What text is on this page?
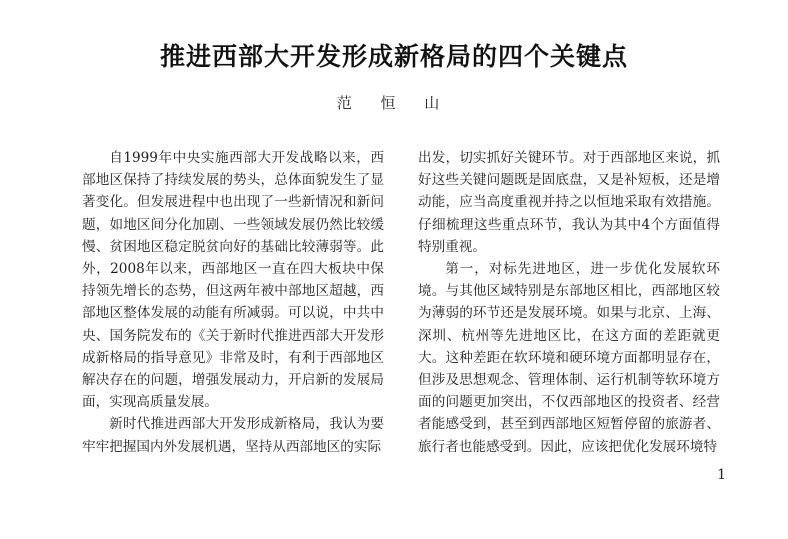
推进西部大开发形成新格局的四个关键点
范 恒 山

自1999年中央实施西部大开发战略以来，西部地区保持了持续发展的势头，总体面貌发生了显著变化。但发展进程中也出现了一些新情况和新问题，如地区间分化加剧、一些领域发展仍然比较缓慢、贫困地区稳定脱贫向好的基础比较薄弱等。此外，2008年以来，西部地区一直在四大板块中保持领先增长的态势，但这两年被中部地区超越，西部地区整体发展的动能有所减弱。可以说，中共中央、国务院发布的《关于新时代推进西部大开发形成新格局的指导意见》非常及时，有利于西部地区解决存在的问题，增强发展动力，开启新的发展局面，实现高质量发展。

新时代推进西部大开发形成新格局，我认为要牢牢把握国内外发展机遇，坚持从西部地区的实际

出发，切实抓好关键环节。对于西部地区来说，抓好这些关键问题既是固底盘，又是补短板，还是增动能，应当高度重视并持之以恒地采取有效措施。仔细梳理这些重点环节，我认为其中4个方面值得特别重视。

第一，对标先进地区，进一步优化发展软环境。与其他区域特别是东部地区相比，西部地区较为薄弱的环节还是发展环境。如果与北京、上海、深圳、杭州等先进地区比，在这方面的差距就更大。这种差距在软环境和硬环境方面都明显存在，但涉及思想观念、管理体制、运行机制等软环境方面的问题更加突出，不仅西部地区的投资者、经营者能感受到，甚至到西部地区短暂停留的旅游者、旅行者也能感受到。因此，应该把优化发展环境特

1
